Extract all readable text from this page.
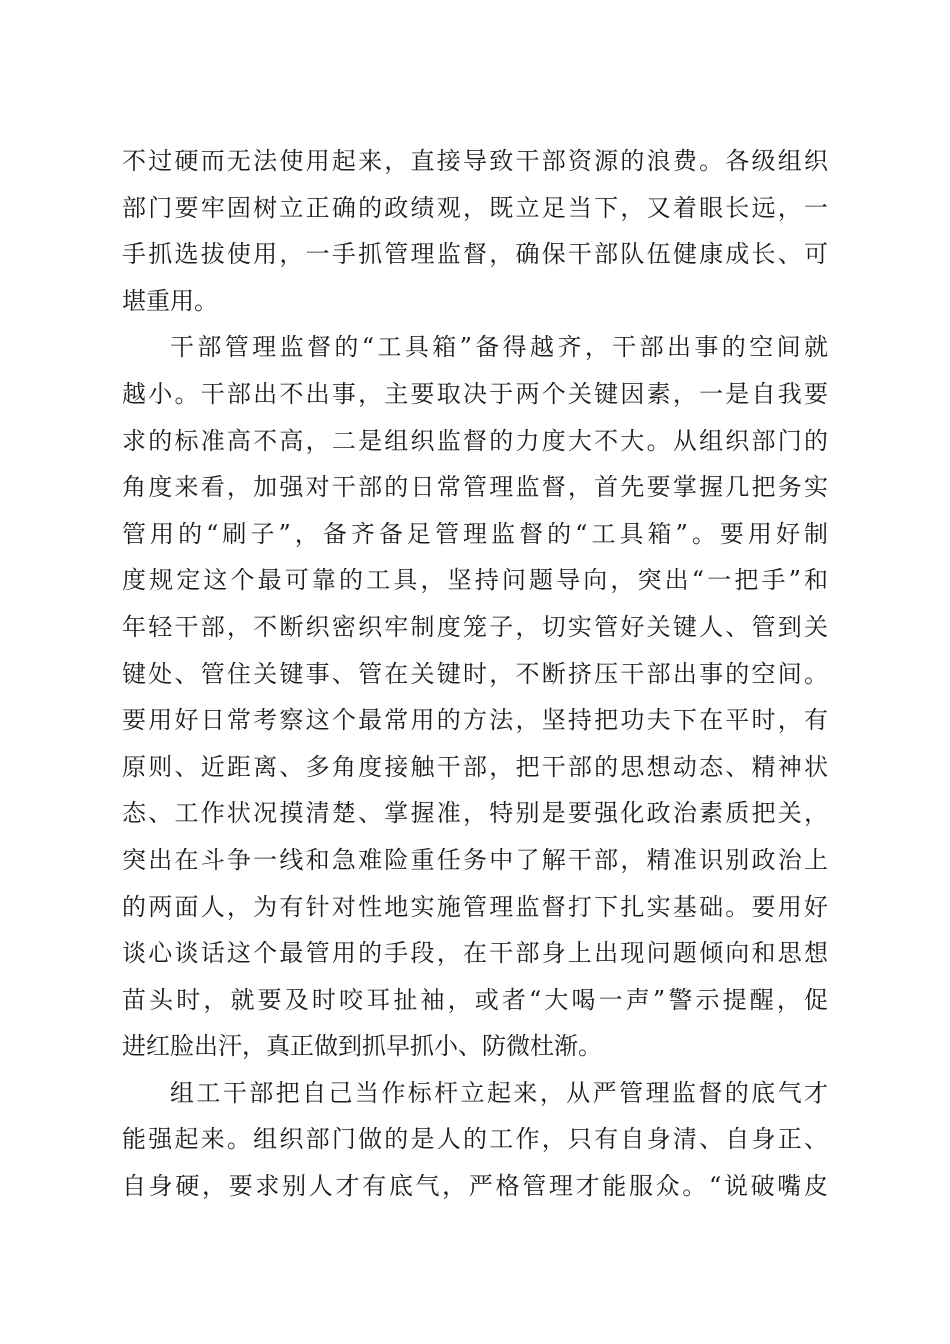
不过硬而无法使用起来，直接导致干部资源的浪费。各级组织
部门要牢固树立正确的政绩观，既立足当下，又着眼长远，一
手抓选拔使用，一手抓管理监督，确保干部队伍健康成长、可
堪重用。
干部管理监督的“工具箱”备得越齐，干部出事的空间就
越小。干部出不出事，主要取决于两个关键因素，一是自我要
求的标准高不高，二是组织监督的力度大不大。从组织部门的
角度来看，加强对干部的日常管理监督，首先要掌握几把务实
管用的“刷子”，备齐备足管理监督的“工具箱”。要用好制
度规定这个最可靠的工具，坚持问题导向，突出“一把手”和
年轻干部，不断织密织牢制度笼子，切实管好关键人、管到关
键处、管住关键事、管在关键时，不断挤压干部出事的空间。
要用好日常考察这个最常用的方法，坚持把功夫下在平时，有
原则、近距离、多角度接触干部，把干部的思想动态、精神状
态、工作状况摸清楚、掌握准，特别是要强化政治素质把关，
突出在斗争一线和急难险重任务中了解干部，精准识别政治上
的两面人，为有针对性地实施管理监督打下扎实基础。要用好
谈心谈话这个最管用的手段，在干部身上出现问题倾向和思想
苗头时，就要及时咬耳扯袖，或者“大喝一声”警示提醒，促
进红脸出汗，真正做到抓早抓小、防微杜渐。
组工干部把自己当作标杆立起来，从严管理监督的底气才
能强起来。组织部门做的是人的工作，只有自身清、自身正、
自身硬，要求别人才有底气，严格管理才能服众。“说破嘴皮
